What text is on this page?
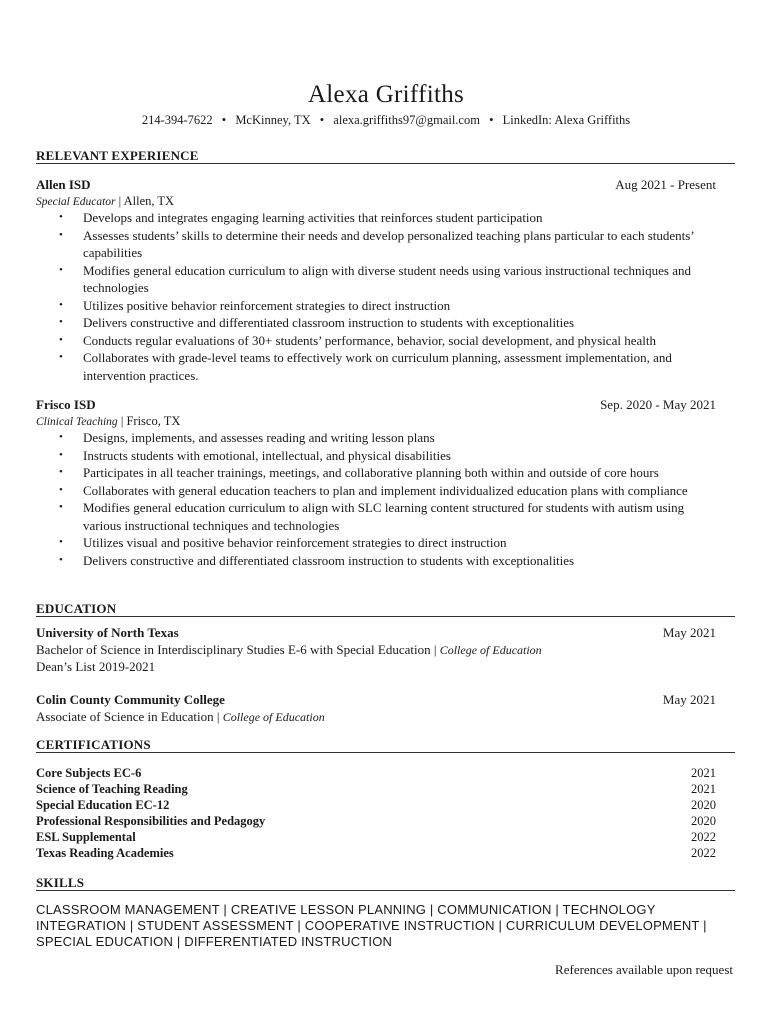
Alexa Griffiths
214-394-7622 • McKinney, TX • alexa.griffiths97@gmail.com • LinkedIn: Alexa Griffiths
RELEVANT EXPERIENCE
Allen ISD	Aug 2021 - Present
Special Educator | Allen, TX
• Develops and integrates engaging learning activities that reinforces student participation
• Assesses students’ skills to determine their needs and develop personalized teaching plans particular to each students’ capabilities
• Modifies general education curriculum to align with diverse student needs using various instructional techniques and technologies
• Utilizes positive behavior reinforcement strategies to direct instruction
• Delivers constructive and differentiated classroom instruction to students with exceptionalities
• Conducts regular evaluations of 30+ students’ performance, behavior, social development, and physical health
• Collaborates with grade-level teams to effectively work on curriculum planning, assessment implementation, and intervention practices.
Frisco ISD	Sep. 2020 - May 2021
Clinical Teaching | Frisco, TX
• Designs, implements, and assesses reading and writing lesson plans
• Instructs students with emotional, intellectual, and physical disabilities
• Participates in all teacher trainings, meetings, and collaborative planning both within and outside of core hours
• Collaborates with general education teachers to plan and implement individualized education plans with compliance
• Modifies general education curriculum to align with SLC learning content structured for students with autism using various instructional techniques and technologies
• Utilizes visual and positive behavior reinforcement strategies to direct instruction
• Delivers constructive and differentiated classroom instruction to students with exceptionalities
EDUCATION
University of North Texas	May 2021
Bachelor of Science in Interdisciplinary Studies E-6 with Special Education | College of Education
Dean’s List 2019-2021
Colin County Community College	May 2021
Associate of Science in Education | College of Education
CERTIFICATIONS
Core Subjects EC-6	2021
Science of Teaching Reading	2021
Special Education EC-12	2020
Professional Responsibilities and Pedagogy	2020
ESL Supplemental	2022
Texas Reading Academies	2022
SKILLS
CLASSROOM MANAGEMENT | CREATIVE LESSON PLANNING | COMMUNICATION | TECHNOLOGY
INTEGRATION | STUDENT ASSESSMENT | COOPERATIVE INSTRUCTION | CURRICULUM DEVELOPMENT |
SPECIAL EDUCATION | DIFFERENTIATED INSTRUCTION
References available upon request
